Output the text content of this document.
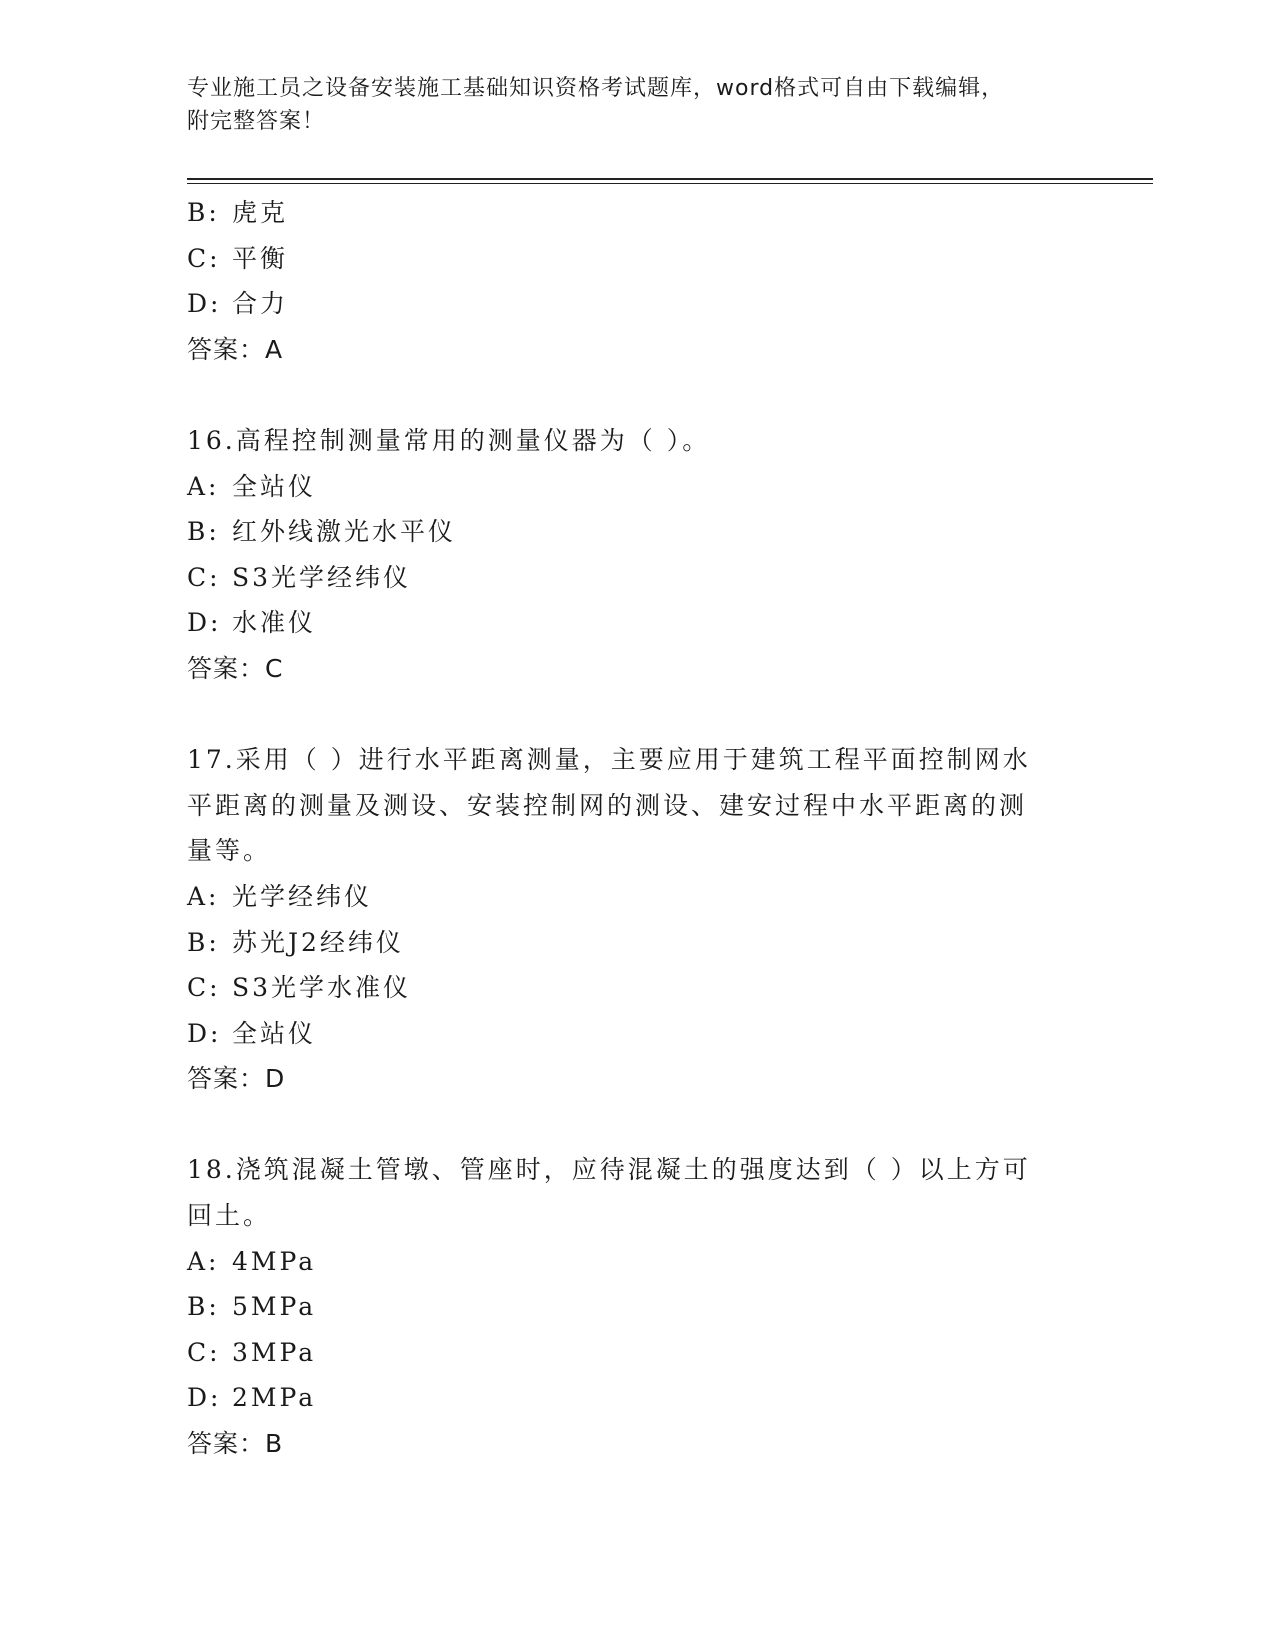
专业施工员之设备安装施工基础知识资格考试题库，word格式可自由下载编辑，
附完整答案！
B: 虎克
C: 平衡
D: 合力
答案：A
16.高程控制测量常用的测量仪器为（ ）。
A: 全站仪
B: 红外线激光水平仪
C: S3光学经纬仪
D: 水准仪
答案：C
17.采用（ ）进行水平距离测量，主要应用于建筑工程平面控制网水
平距离的测量及测设、安装控制网的测设、建安过程中水平距离的测
量等。
A: 光学经纬仪
B: 苏光J2经纬仪
C: S3光学水准仪
D: 全站仪
答案：D
18.浇筑混凝土管墩、管座时，应待混凝土的强度达到（ ）以上方可
回土。
A: 4MPa
B: 5MPa
C: 3MPa
D: 2MPa
答案：B
